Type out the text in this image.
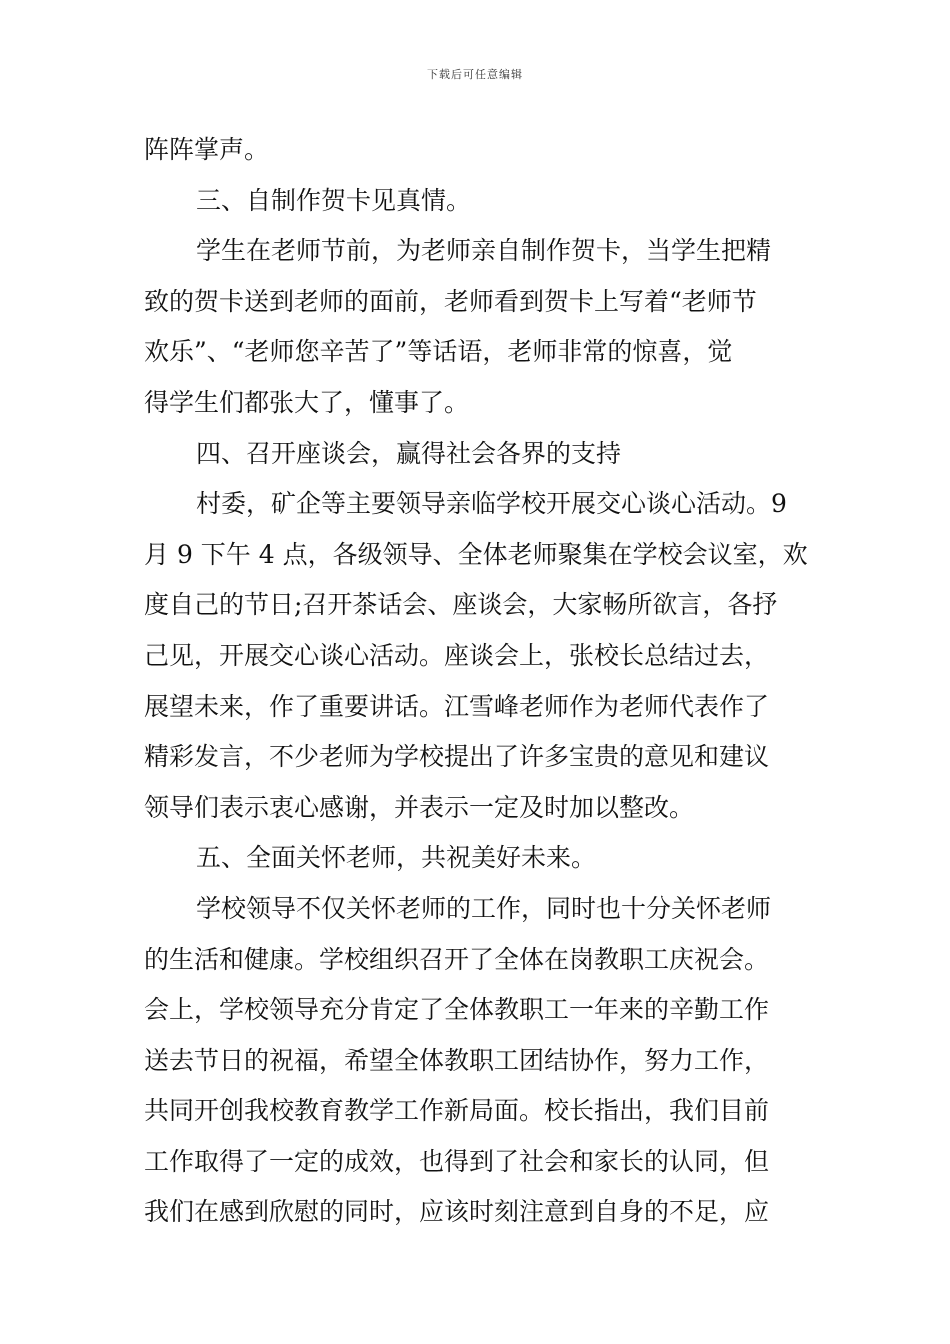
下载后可任意编辑
阵阵掌声。
三、自制作贺卡见真情。
学生在老师节前，为老师亲自制作贺卡，当学生把精
致的贺卡送到老师的面前，老师看到贺卡上写着“老师节
欢乐”、“老师您辛苦了”等话语，老师非常的惊喜，觉
得学生们都张大了，懂事了。
四、召开座谈会，赢得社会各界的支持
村委，矿企等主要领导亲临学校开展交心谈心活动。9
月 9 下午 4 点，各级领导、全体老师聚集在学校会议室，欢
度自己的节日;召开茶话会、座谈会，大家畅所欲言，各抒
己见，开展交心谈心活动。座谈会上，张校长总结过去，
展望未来，作了重要讲话。江雪峰老师作为老师代表作了
精彩发言，不少老师为学校提出了许多宝贵的意见和建议
领导们表示衷心感谢，并表示一定及时加以整改。
五、全面关怀老师，共祝美好未来。
学校领导不仅关怀老师的工作，同时也十分关怀老师
的生活和健康。学校组织召开了全体在岗教职工庆祝会。
会上，学校领导充分肯定了全体教职工一年来的辛勤工作
送去节日的祝福，希望全体教职工团结协作，努力工作，
共同开创我校教育教学工作新局面。校长指出，我们目前
工作取得了一定的成效，也得到了社会和家长的认同，但
我们在感到欣慰的同时，应该时刻注意到自身的不足，应
